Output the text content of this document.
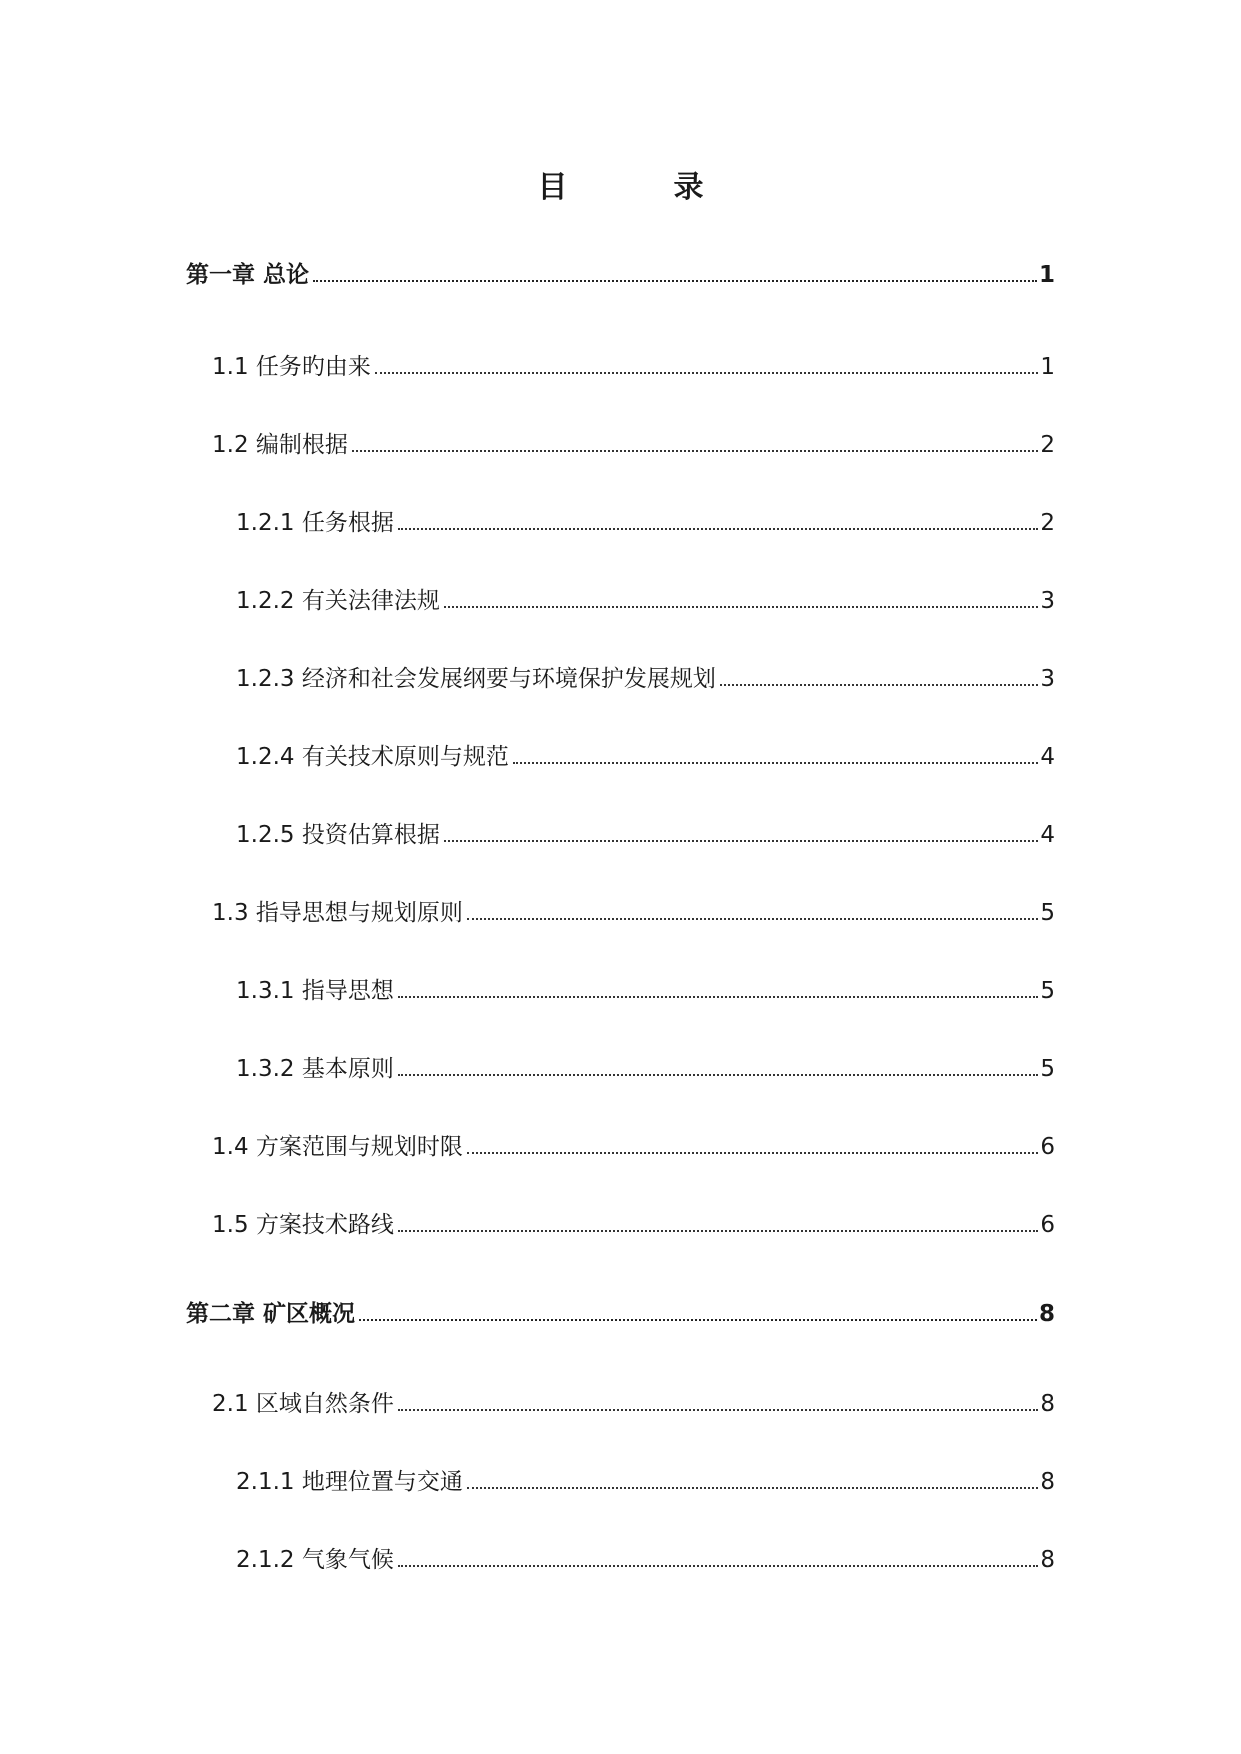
目　录
第一章 总论	1
1.1 任务旳由来	1
1.2 编制根据	2
1.2.1 任务根据	2
1.2.2 有关法律法规	3
1.2.3 经济和社会发展纲要与环境保护发展规划	3
1.2.4 有关技术原则与规范	4
1.2.5 投资估算根据	4
1.3 指导思想与规划原则	5
1.3.1 指导思想	5
1.3.2 基本原则	5
1.4 方案范围与规划时限	6
1.5 方案技术路线	6
第二章 矿区概况	8
2.1 区域自然条件	8
2.1.1 地理位置与交通	8
2.1.2 气象气候	8
